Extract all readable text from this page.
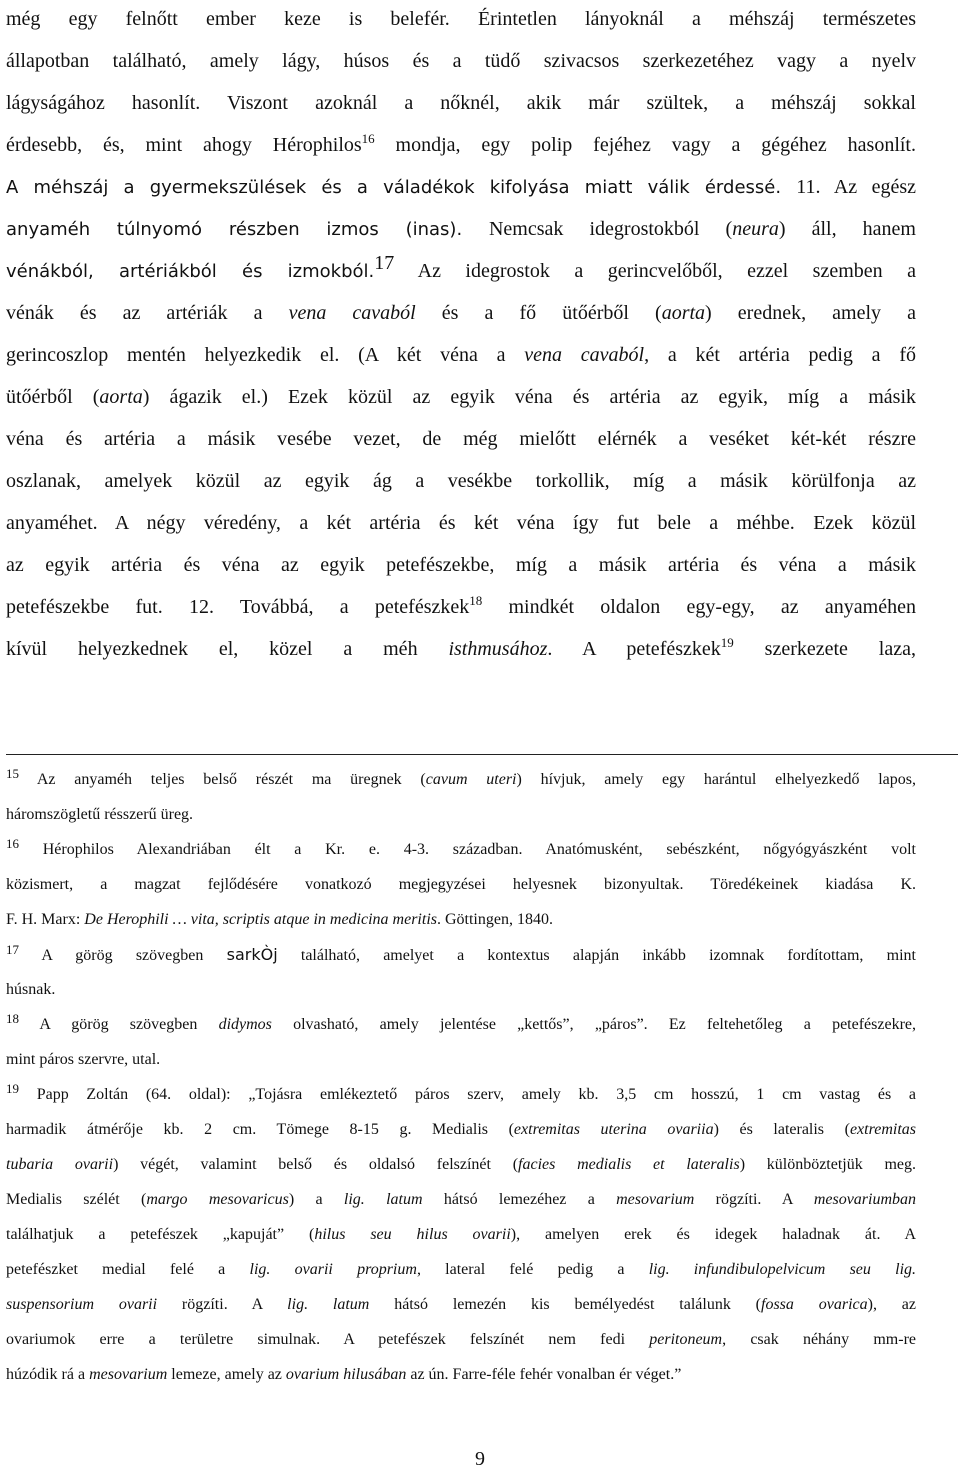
még egy felnőtt ember keze is belefér. Érintetlen lányoknál a méhszáj természetes
állapotban található, amely lágy, húsos és a tüdő szivacsos szerkezetéhez vagy a nyelv
lágyságához hasonlít. Viszont azoknál a nőknél, akik már szültek, a méhszáj sokkal
érdesebb, és, mint ahogy Hérophilos$^{16}$ mondja, egy polip fejéhez vagy a gégéhez hasonlít.
A méhszáj a gyermekszülések és a váladékok kifolyása miatt válik érdessé. 11. Az egész
anyaméh túlnyomó részben izmos (inas). Nemcsak idegrostokból (neura) áll, hanem
vénákból, artériákból és izmokból.$^{17}$ Az idegrostok a gerincvelőből, ezzel szemben a
vénák és az artériák a vena cavaból és a fő ütőérből (aorta) erednek, amely a
gerincoszlop mentén helyezkedik el. (A két véna a vena cavaból, a két artéria pedig a fő
ütőérből (aorta) ágazik el.) Ezek közül az egyik véna és artéria az egyik, míg a másik
véna és artéria a másik vesébe vezet, de még mielőtt elérnék a veséket két-két részre
oszlanak, amelyek közül az egyik ág a vesékbe torkollik, míg a másik körülfonja az
anyaméhet. A négy véredény, a két artéria és két véna így fut bele a méhbe. Ezek közül
az egyik artéria és véna az egyik petefészekbe, míg a másik artéria és véna a másik
petefészekbe fut. 12. Továbbá, a petefészkek$^{18}$ mindkét oldalon egy-egy, az anyaméhen
kívül helyezkednek el, közel a méh isthmusához. A petefészkek$^{19}$ szerkezete laza,
$^{15}$ Az anyaméh teljes belső részét ma üregnek (cavum uteri) hívjuk, amely egy harántul elhelyezkedő lapos,
háromszögletű résszerű üreg.
$^{16}$ Hérophilos Alexandriában élt a Kr. e. 4-3. században. Anatómusként, sebészként, nőgyógyászként volt
közismert, a magzat fejlődésére vonatkozó megjegyzései helyesnek bizonyultak. Töredékeinek kiadása K.
F. H. Marx: De Herophili … vita, scriptis atque in medicina meritis. Göttingen, 1840.
$^{17}$ A görög szövegben sarkÒj található, amelyet a kontextus alapján inkább izomnak fordítottam, mint
húsnak.
$^{18}$ A görög szövegben didymos olvasható, amely jelentése „kettős”, „páros”. Ez feltehetőleg a petefészekre,
mint páros szervre, utal.
$^{19}$ Papp Zoltán (64. oldal): „Tojásra emlékeztető páros szerv, amely kb. 3,5 cm hosszú, 1 cm vastag és a
harmadik átmérője kb. 2 cm. Tömege 8-15 g. Medialis (extremitas uterina ovariia) és lateralis (extremitas
tubaria ovarii) végét, valamint belső és oldalsó felszínét (facies medialis et lateralis) különböztetjük meg.
Medialis szélét (margo mesovaricus) a lig. latum hátsó lemezéhez a mesovarium rögzíti. A mesovariumban
találhatjuk a petefészek „kapuját” (hilus seu hilus ovarii), amelyen erek és idegek haladnak át. A
petefészket medial felé a lig. ovarii proprium, lateral felé pedig a lig. infundibulopelvicum seu lig.
suspensorium ovarii rögzíti. A lig. latum hátsó lemezén kis bemélyedést találunk (fossa ovarica), az
ovariumok erre a területre simulnak. A petefészek felszínét nem fedi peritoneum, csak néhány mm-re
húzódik rá a mesovarium lemeze, amely az ovarium hilusában az ún. Farre-féle fehér vonalban ér véget.”
9
